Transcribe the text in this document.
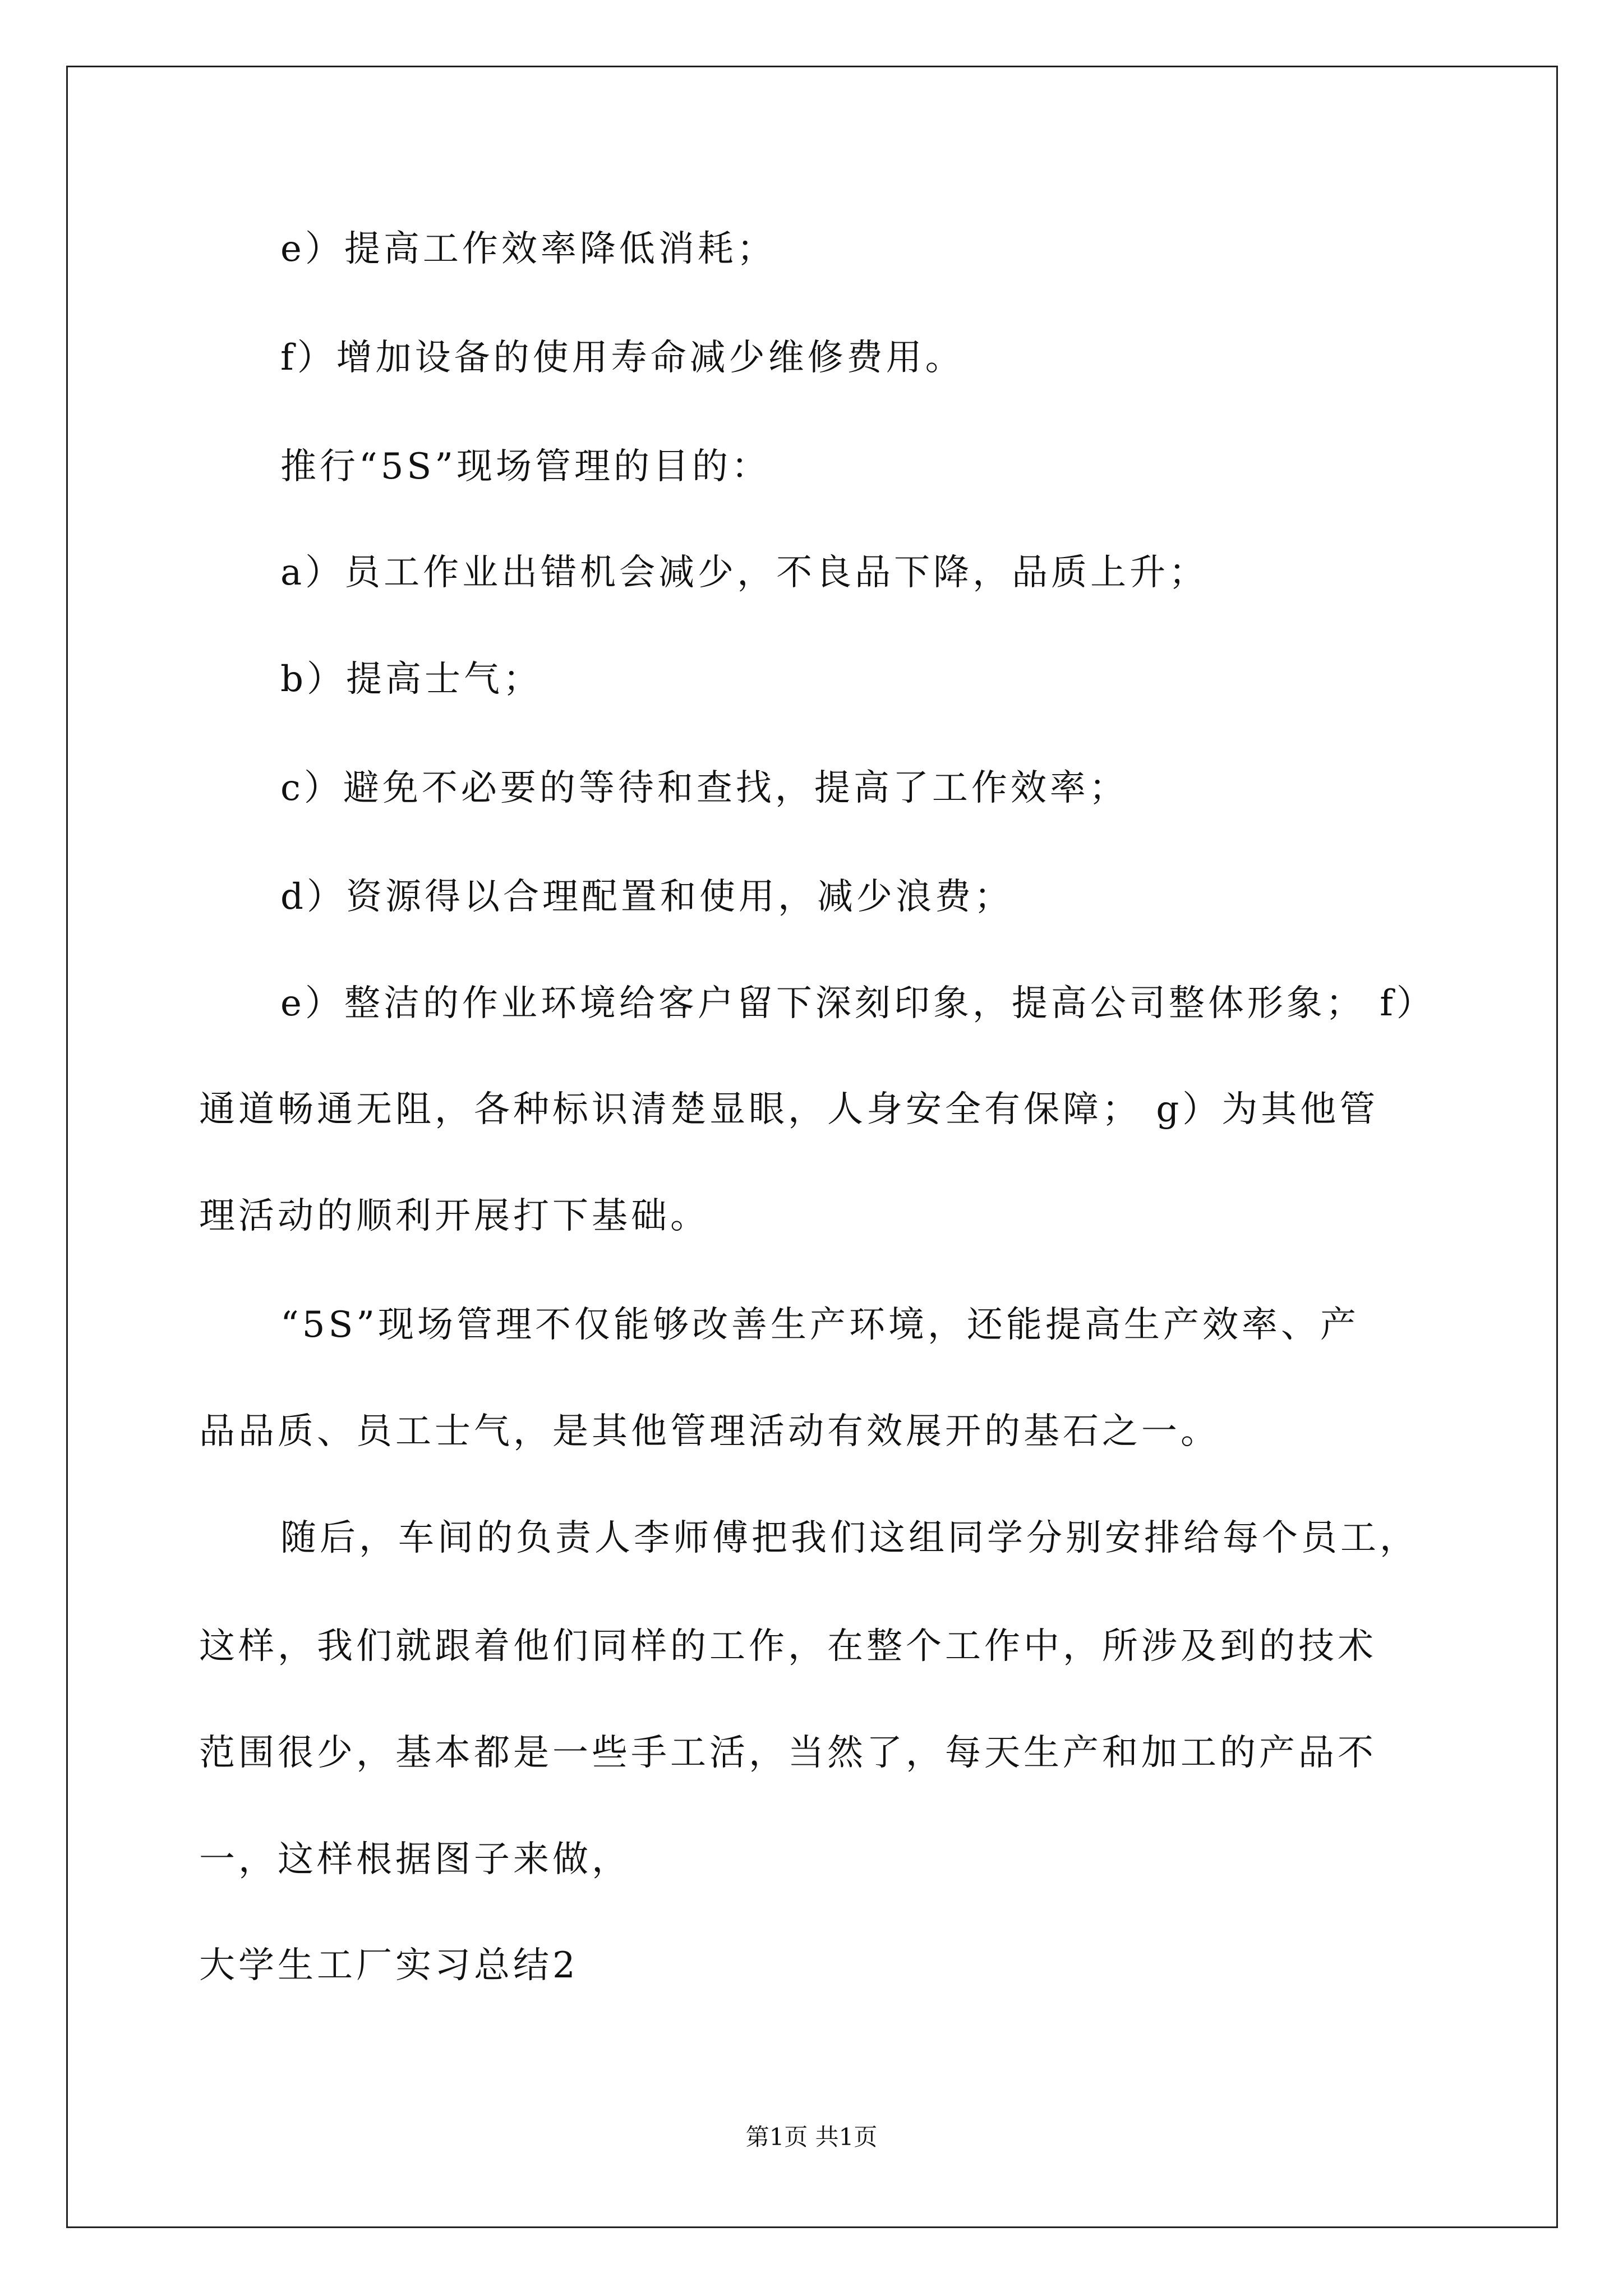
e）提高工作效率降低消耗；
f）增加设备的使用寿命减少维修费用。
推行“5S”现场管理的目的：
a）员工作业出错机会减少，不良品下降，品质上升；
b）提高士气；
c）避免不必要的等待和查找，提高了工作效率；
d）资源得以合理配置和使用，减少浪费；
e）整洁的作业环境给客户留下深刻印象，提高公司整体形象； f）
通道畅通无阻，各种标识清楚显眼，人身安全有保障； g）为其他管
理活动的顺利开展打下基础。
“5S”现场管理不仅能够改善生产环境，还能提高生产效率、产
品品质、员工士气，是其他管理活动有效展开的基石之一。
随后，车间的负责人李师傅把我们这组同学分别安排给每个员工，
这样，我们就跟着他们同样的工作，在整个工作中，所涉及到的技术
范围很少，基本都是一些手工活，当然了，每天生产和加工的产品不
一，这样根据图子来做，
大学生工厂实习总结2
第1页 共1页
